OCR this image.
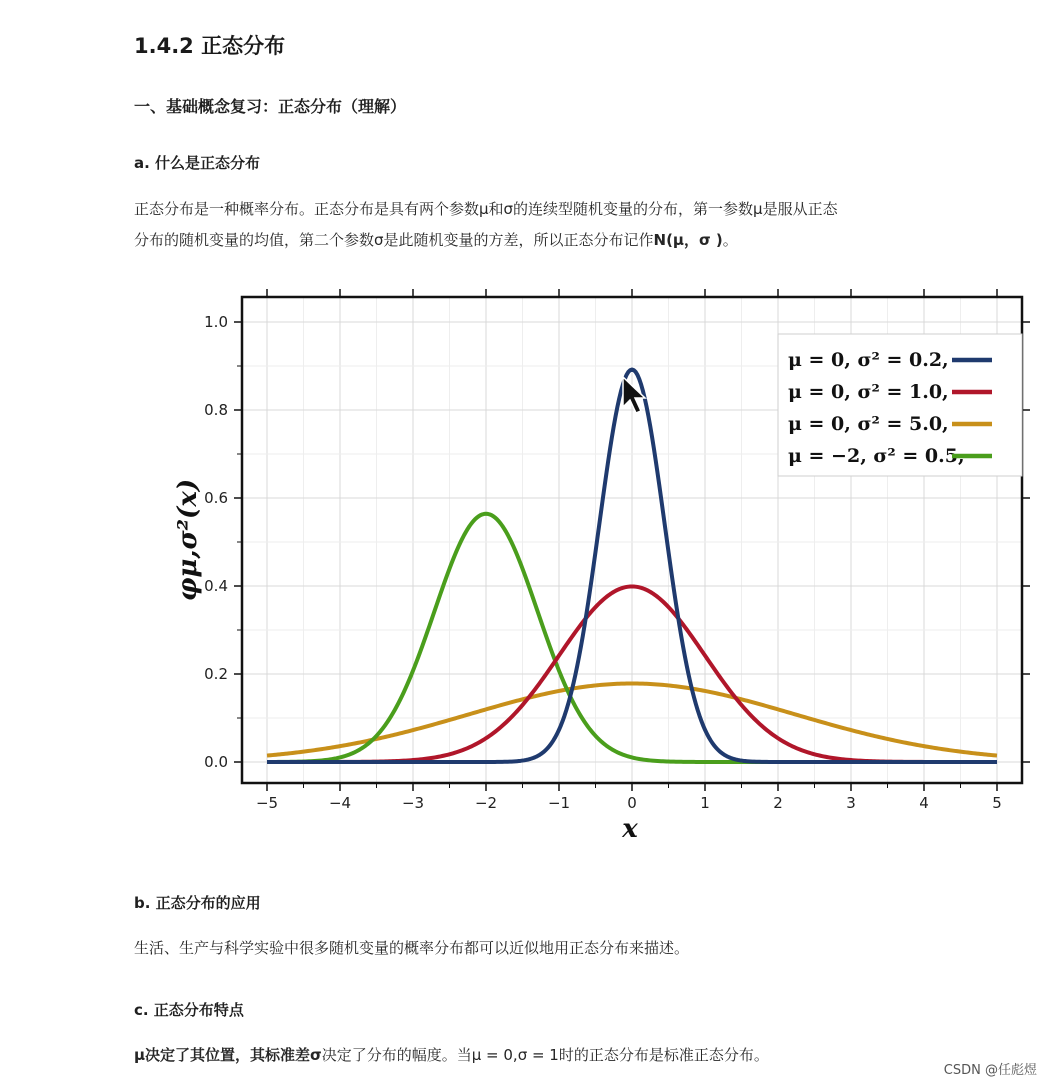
1.4.2 正态分布
一、基础概念复习：正态分布（理解）
a. 什么是正态分布
正态分布是一种概率分布。正态分布是具有两个参数μ和σ的连续型随机变量的分布，第一参数μ是服从正态
分布的随机变量的均值，第二个参数σ是此随机变量的方差，所以正态分布记作N(μ，σ )。
−5	−4	−3	−2	−1	0	1	2	3	4	5
0.0
0.2
0.4
0.6
0.8
1.0
x
φμ,σ²(x)
μ = 0, σ² = 0.2,
μ = 0, σ² = 1.0,
μ = 0, σ² = 5.0,
μ = −2, σ² = 0.5,
b. 正态分布的应用
生活、生产与科学实验中很多随机变量的概率分布都可以近似地用正态分布来描述。
c. 正态分布特点
μ决定了其位置，其标准差σ决定了分布的幅度。当μ = 0,σ = 1时的正态分布是标准正态分布。
CSDN @任彪煜
